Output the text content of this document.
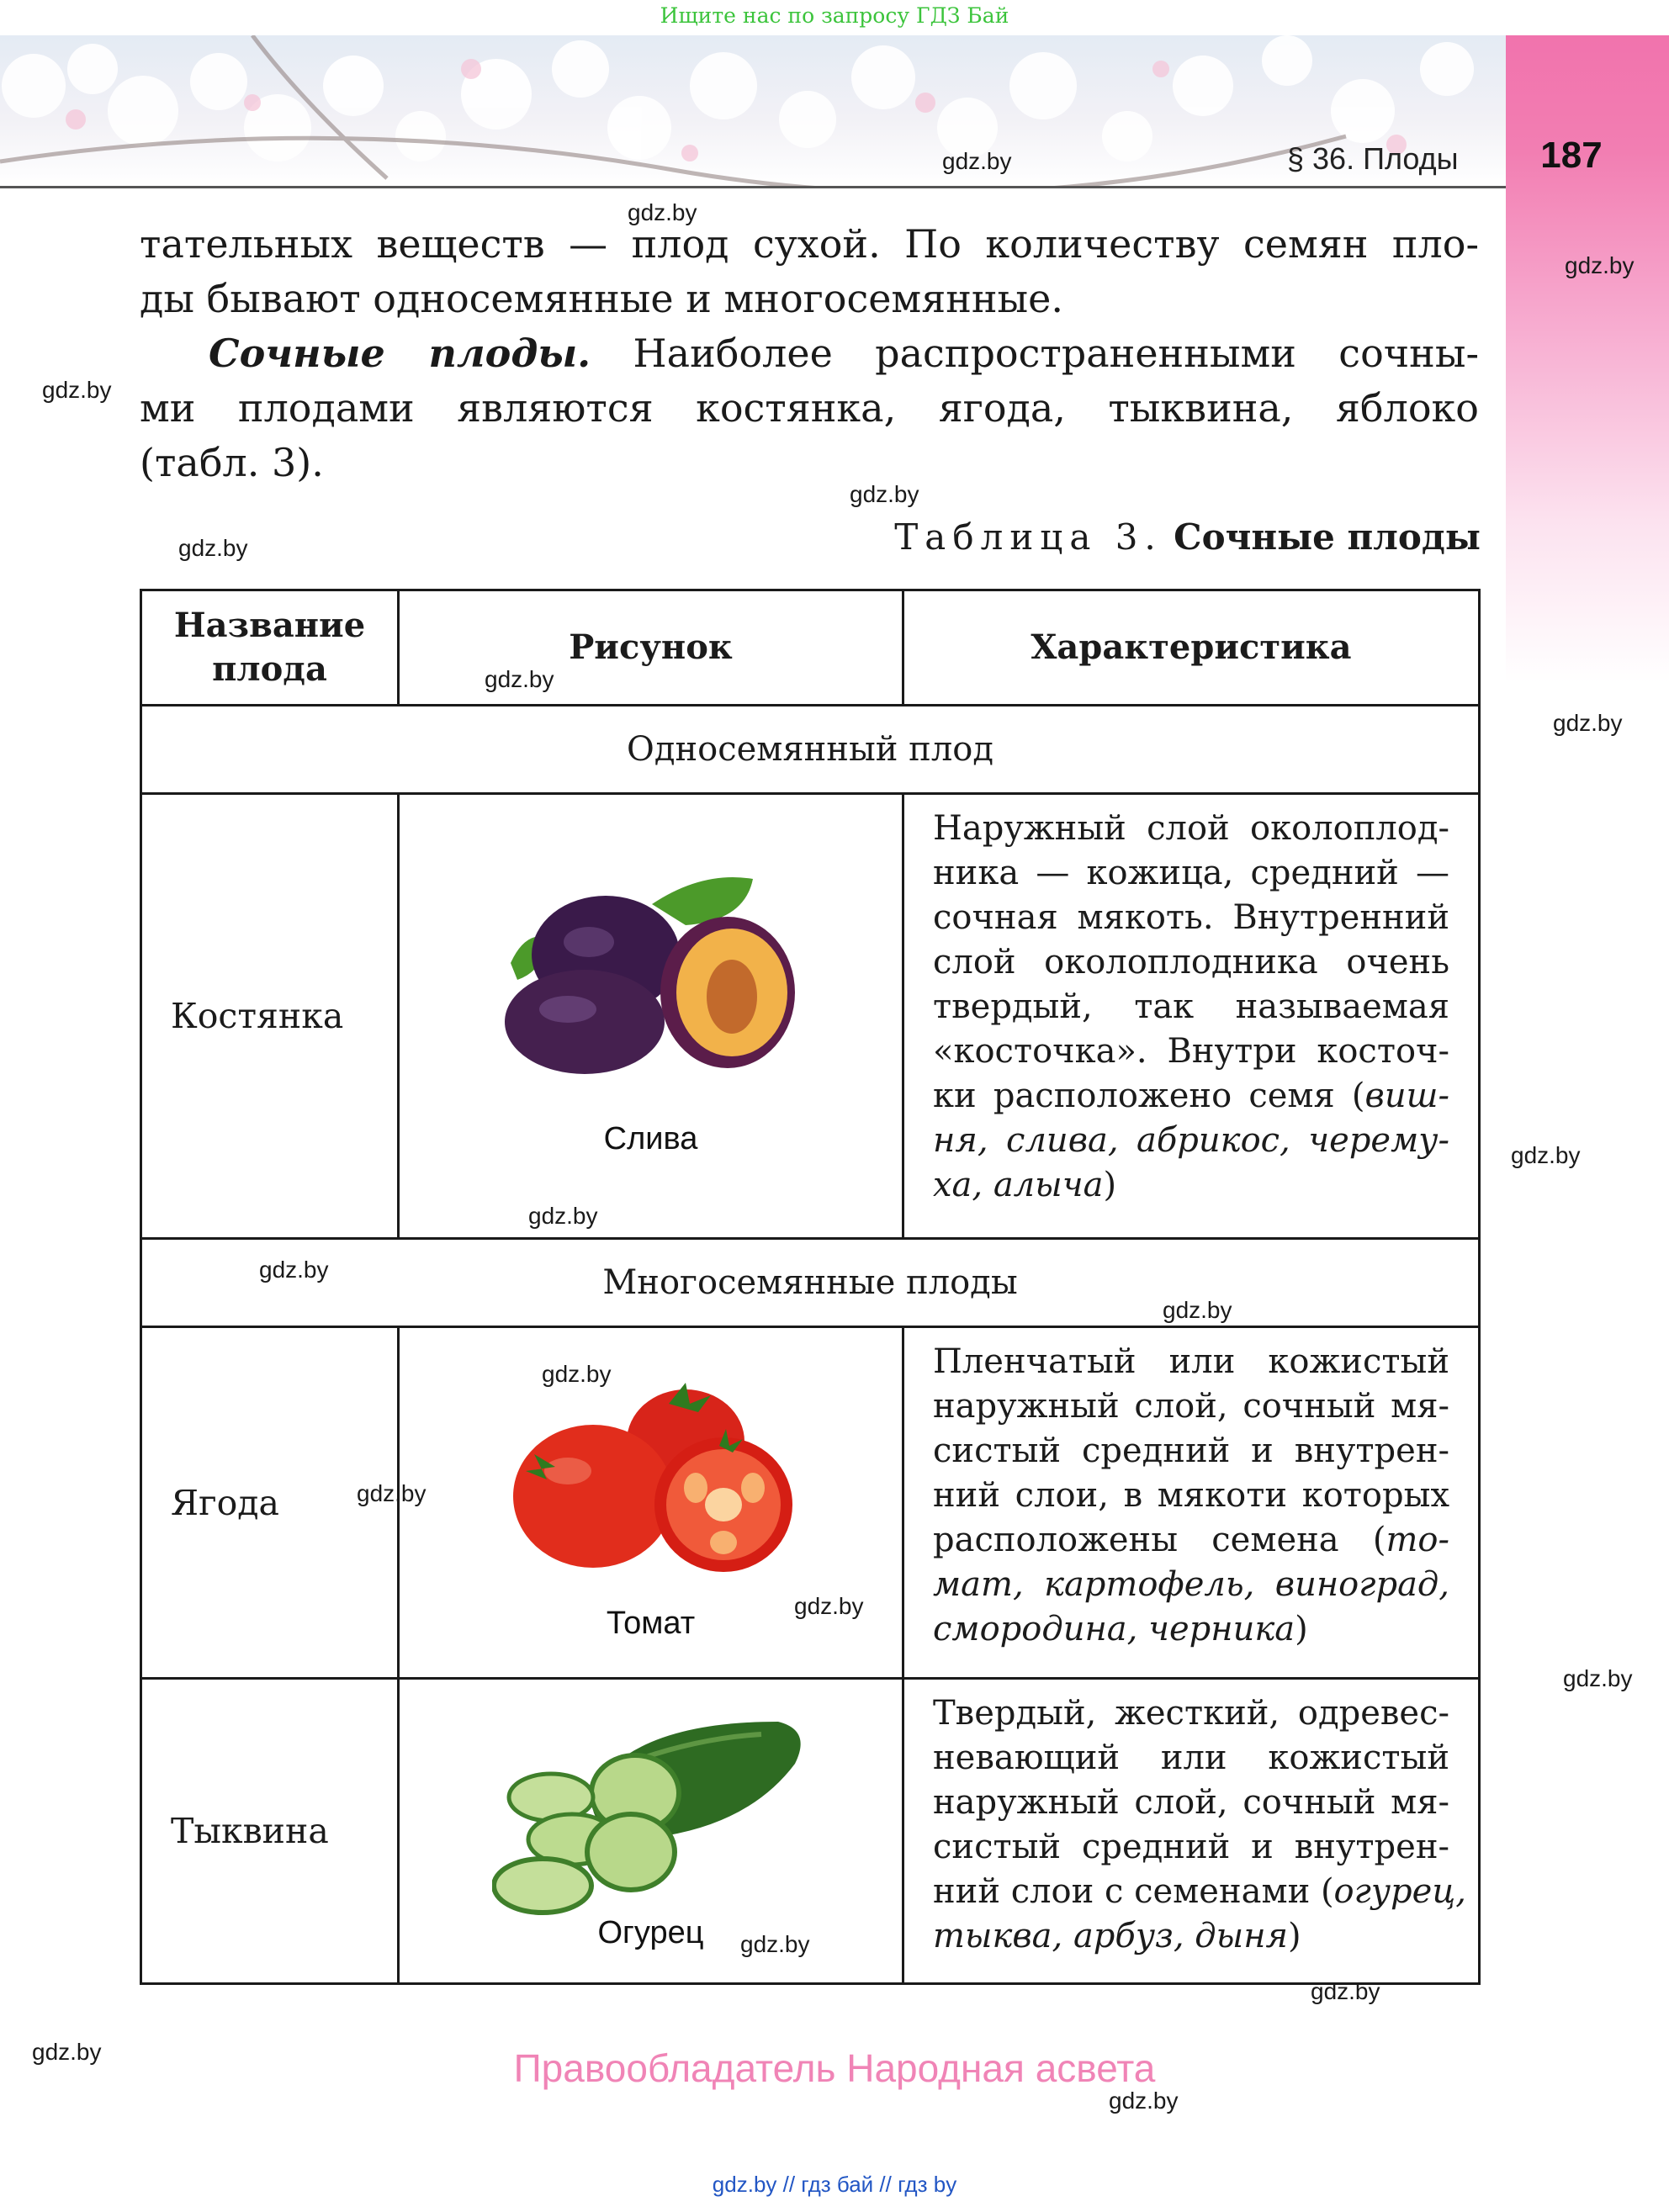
Ищите нас по запросу ГДЗ Бай
§ 36. Плоды	187
gdz.by
gdz.by
gdz.by
gdz.by
gdz.by
gdz.by
gdz.by
gdz.by
gdz.by
gdz.by
gdz.by
gdz.by
gdz.by
gdz.by
gdz.by
gdz.by
gdz.by
gdz.by
gdz.by
gdz.by
тательных веществ — плод сухой. По количеству семян пло-
ды бывают односемянные и многосемянные.
Сочные плоды. Наиболее распространенными сочны-
ми плодами являются костянка, ягода, тыквина, яблоко
(табл. 3).
Таблица 3. Сочные плоды
Название
плода
Рисунок	Характеристика
Односемянный плод
Костянка
Слива
Наружный слой околоплод-
ника — кожица, средний —
сочная мякоть. Внутренний
слой околоплодника очень
твердый, так называемая
«косточка». Внутри косточ-
ки расположено семя (виш-
ня, слива, абрикос, черему-
ха, алыча)
Многосемянные плоды
Ягода
Томат
Пленчатый или кожистый
наружный слой, сочный мя-
систый средний и внутрен-
ний слои, в мякоти которых
расположены семена (то-
мат, картофель, виноград,
смородина, черника)
Тыквина
Огурец
Твердый, жесткий, одревес-
невающий или кожистый
наружный слой, сочный мя-
систый средний и внутрен-
ний слои с семенами (огурец,
тыква, арбуз, дыня)
Правообладатель Народная асвета
gdz.by // гдз бай // гдз by
